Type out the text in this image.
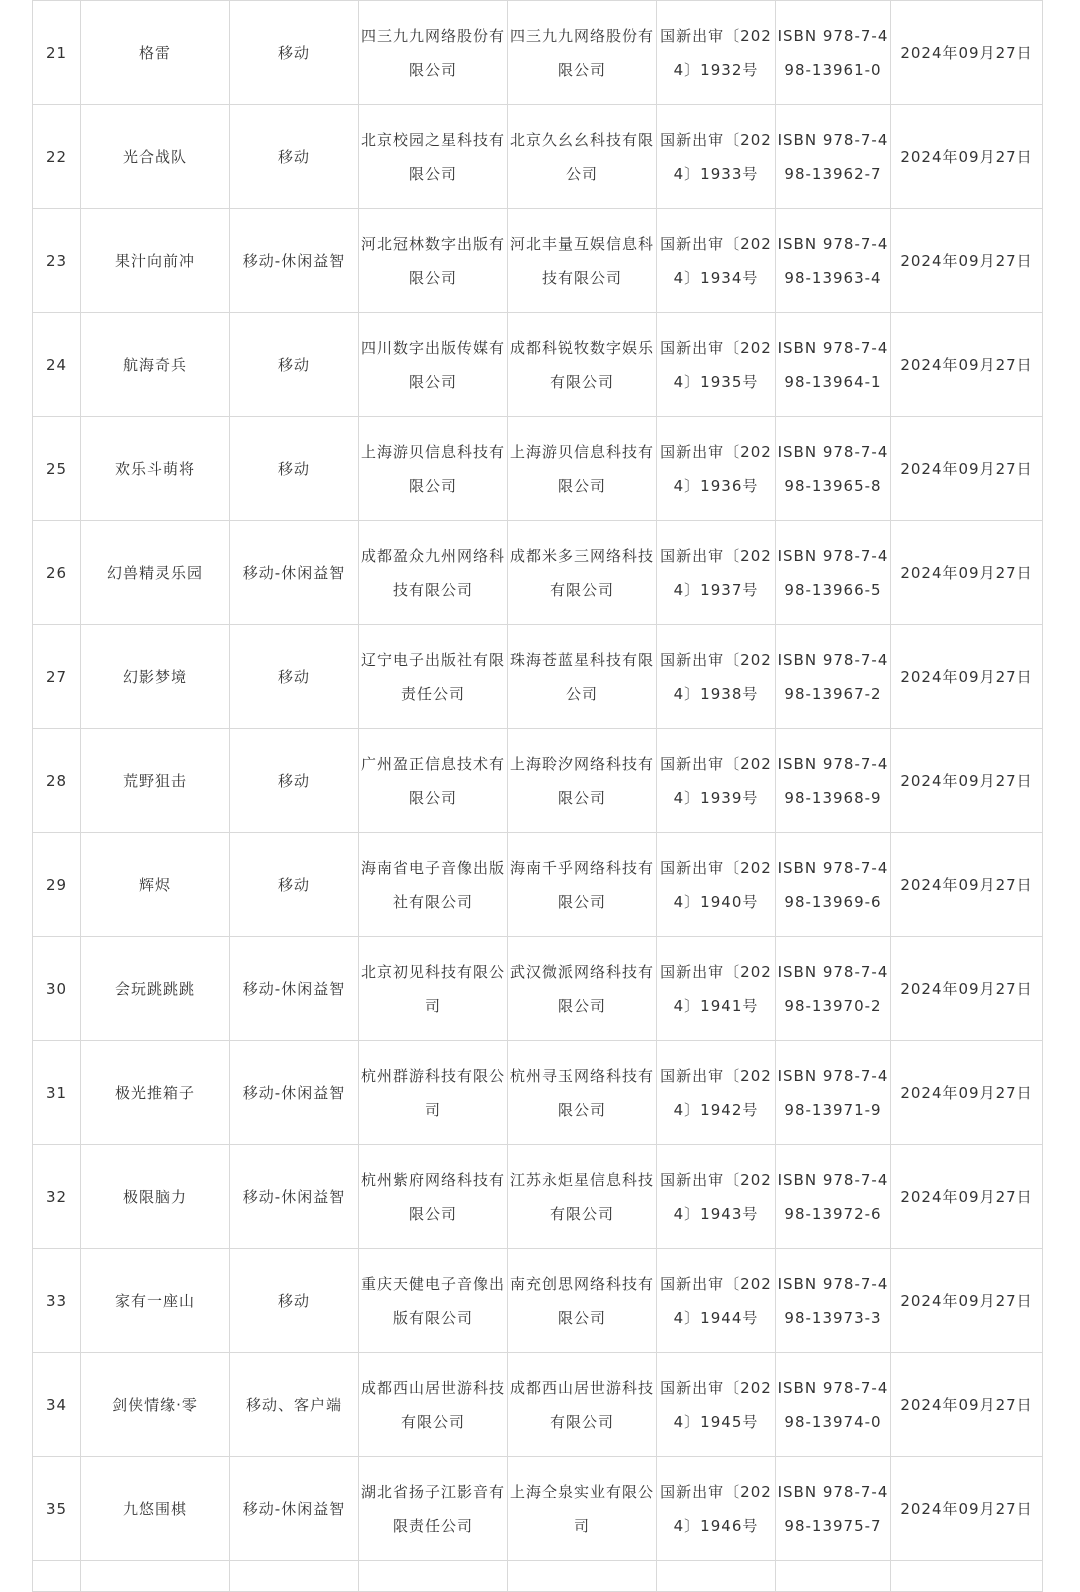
21	格雷	移动	四三九九网络股份有限公司	四三九九网络股份有限公司	国新出审〔2024〕1932号	ISBN 978-7-498-13961-0	2024年09月27日

22	光合战队	移动	北京校园之星科技有限公司	北京久幺幺科技有限公司	国新出审〔2024〕1933号	ISBN 978-7-498-13962-7	2024年09月27日

23	果汁向前冲	移动-休闲益智	河北冠林数字出版有限公司	河北丰量互娱信息科技有限公司	国新出审〔2024〕1934号	ISBN 978-7-498-13963-4	2024年09月27日

24	航海奇兵	移动	四川数字出版传媒有限公司	成都科锐牧数字娱乐有限公司	国新出审〔2024〕1935号	ISBN 978-7-498-13964-1	2024年09月27日

25	欢乐斗萌将	移动	上海游贝信息科技有限公司	上海游贝信息科技有限公司	国新出审〔2024〕1936号	ISBN 978-7-498-13965-8	2024年09月27日

26	幻兽精灵乐园	移动-休闲益智	成都盈众九州网络科技有限公司	成都米多三网络科技有限公司	国新出审〔2024〕1937号	ISBN 978-7-498-13966-5	2024年09月27日

27	幻影梦境	移动	辽宁电子出版社有限责任公司	珠海苍蓝星科技有限公司	国新出审〔2024〕1938号	ISBN 978-7-498-13967-2	2024年09月27日

28	荒野狙击	移动	广州盈正信息技术有限公司	上海聆汐网络科技有限公司	国新出审〔2024〕1939号	ISBN 978-7-498-13968-9	2024年09月27日

29	辉烬	移动	海南省电子音像出版社有限公司	海南千乎网络科技有限公司	国新出审〔2024〕1940号	ISBN 978-7-498-13969-6	2024年09月27日

30	会玩跳跳跳	移动-休闲益智	北京初见科技有限公司	武汉微派网络科技有限公司	国新出审〔2024〕1941号	ISBN 978-7-498-13970-2	2024年09月27日

31	极光推箱子	移动-休闲益智	杭州群游科技有限公司	杭州寻玉网络科技有限公司	国新出审〔2024〕1942号	ISBN 978-7-498-13971-9	2024年09月27日

32	极限脑力	移动-休闲益智	杭州紫府网络科技有限公司	江苏永炬星信息科技有限公司	国新出审〔2024〕1943号	ISBN 978-7-498-13972-6	2024年09月27日

33	家有一座山	移动	重庆天健电子音像出版有限公司	南充创思网络科技有限公司	国新出审〔2024〕1944号	ISBN 978-7-498-13973-3	2024年09月27日

34	剑侠情缘·零	移动、客户端	成都西山居世游科技有限公司	成都西山居世游科技有限公司	国新出审〔2024〕1945号	ISBN 978-7-498-13974-0	2024年09月27日

35	九悠围棋	移动-休闲益智	湖北省扬子江影音有限责任公司	上海仝泉实业有限公司	国新出审〔2024〕1946号	ISBN 978-7-498-13975-7	2024年09月27日
